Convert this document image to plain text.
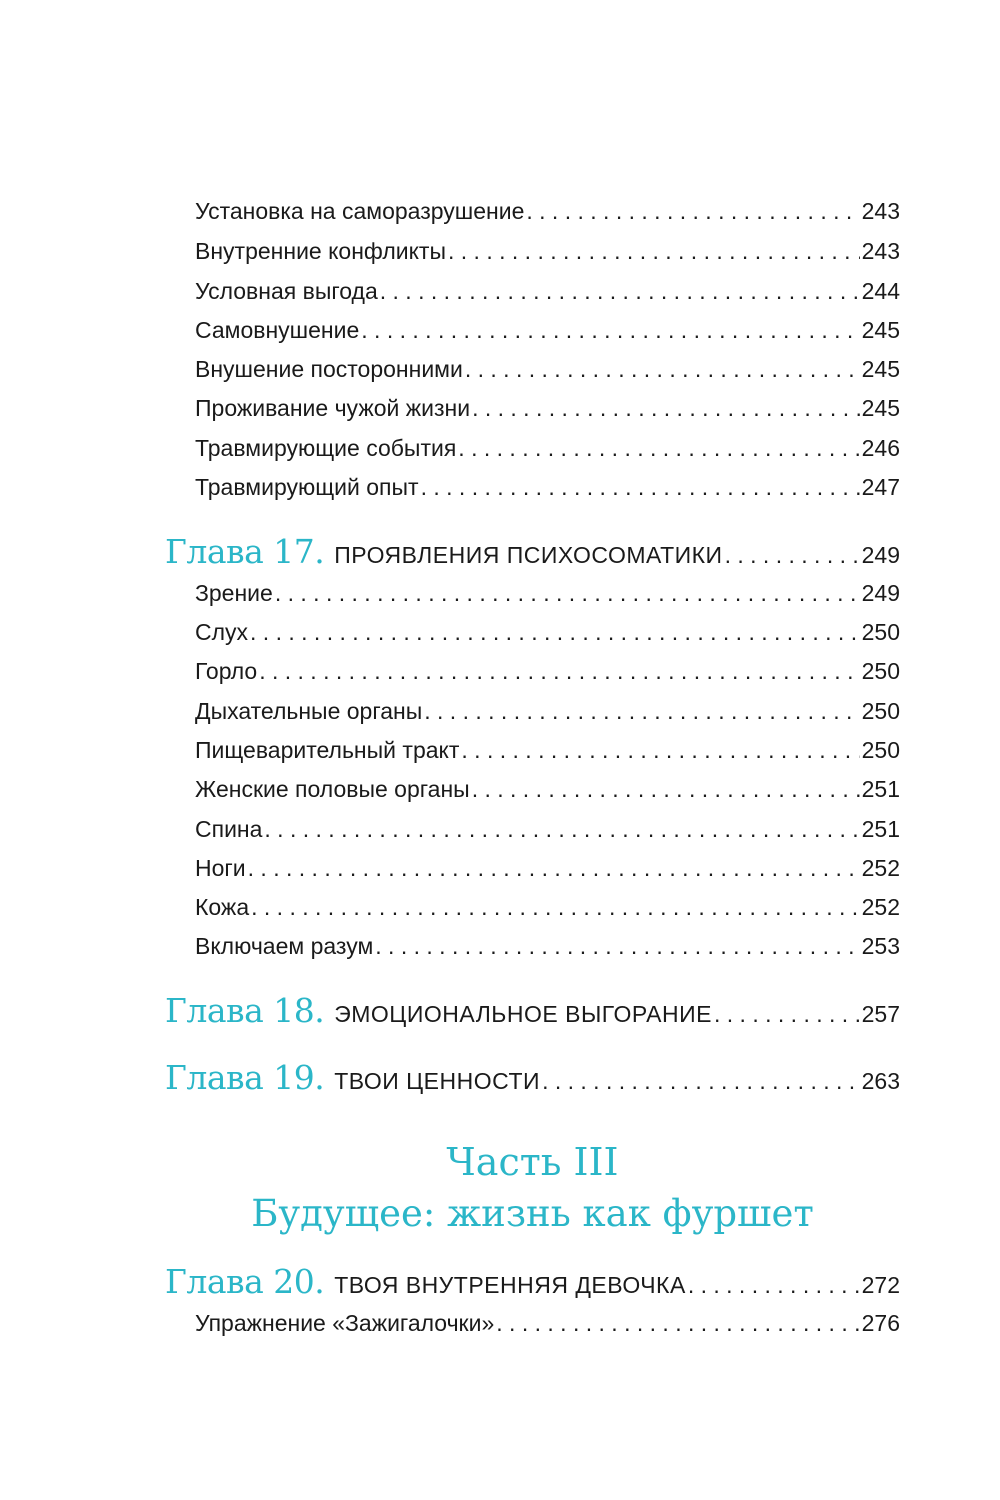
Установка на саморазрушение . . .	243
Внутренние конфликты . . .	243
Условная выгода . . .	244
Самовнушение . . .	245
Внушение посторонними . . .	245
Проживание чужой жизни . . .	245
Травмирующие события . . .	246
Травмирующий опыт . . .	247
Глава 17. ПРОЯВЛЕНИЯ ПСИХОСОМАТИКИ . . .	249
Зрение . . .	249
Слух . . .	250
Горло . . .	250
Дыхательные органы . . .	250
Пищеварительный тракт . . .	250
Женские половые органы . . .	251
Спина . . .	251
Ноги . . .	252
Кожа . . .	252
Включаем разум . . .	253
Глава 18. ЭМОЦИОНАЛЬНОЕ ВЫГОРАНИЕ . . .	257
Глава 19. ТВОИ ЦЕННОСТИ . . .	263
Часть III
Будущее: жизнь как фуршет
Глава 20. ТВОЯ ВНУТРЕННЯЯ ДЕВОЧКА . . .	272
Упражнение «Зажигалочки» . . .	276
